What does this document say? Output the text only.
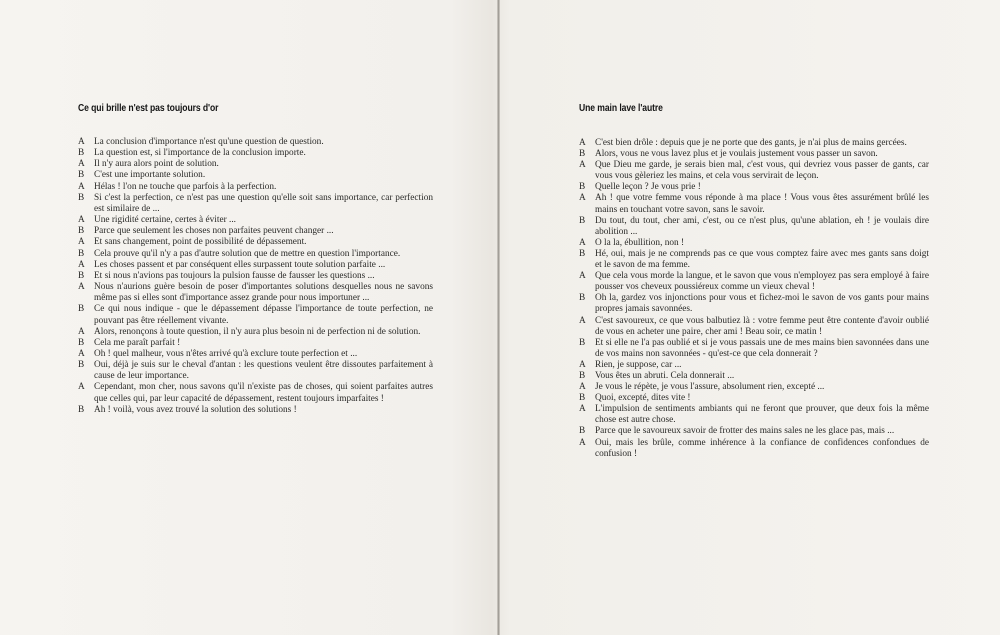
Ce qui brille n'est pas toujours d'or
A La conclusion d'importance n'est qu'une question de question.
B La question est, si l'importance de la conclusion importe.
A Il n'y aura alors point de solution.
B C'est une importante solution.
A Hélas ! l'on ne touche que parfois à la perfection.
B Si c'est la perfection, ce n'est pas une question qu'elle soit sans importance, car perfection est similaire de ...
A Une rigidité certaine, certes à éviter ...
B Parce que seulement les choses non parfaites peuvent changer ...
A Et sans changement, point de possibilité de dépassement.
B Cela prouve qu'il n'y a pas d'autre solution que de mettre en question l'importance.
A Les choses passent et par conséquent elles surpassent toute solution parfaite ...
B Et si nous n'avions pas toujours la pulsion fausse de fausser les questions ...
A Nous n'aurions guère besoin de poser d'importantes solutions desquelles nous ne savons même pas si elles sont d'importance assez grande pour nous importuner ...
B Ce qui nous indique - que le dépassement dépasse l'importance de toute perfection, ne pouvant pas être réellement vivante.
A Alors, renonçons à toute question, il n'y aura plus besoin ni de perfection ni de solution.
B Cela me paraît parfait !
A Oh ! quel malheur, vous n'êtes arrivé qu'à exclure toute perfection et ...
B Oui, déjà je suis sur le cheval d'antan : les questions veulent être dissoutes parfaitement à cause de leur importance.
A Cependant, mon cher, nous savons qu'il n'existe pas de choses, qui soient parfaites autres que celles qui, par leur capacité de dépassement, restent toujours imparfaites !
B Ah ! voilà, vous avez trouvé la solution des solutions !
Une main lave l'autre
A C'est bien drôle : depuis que je ne porte que des gants, je n'ai plus de mains gercées.
B Alors, vous ne vous lavez plus et je voulais justement vous passer un savon.
A Que Dieu me garde, je serais bien mal, c'est vous, qui devriez vous passer de gants, car vous vous gèleriez les mains, et cela vous servirait de leçon.
B Quelle leçon ? Je vous prie !
A Ah ! que votre femme vous réponde à ma place ! Vous vous êtes assurément brûlé les mains en touchant votre savon, sans le savoir.
B Du tout, du tout, cher ami, c'est, ou ce n'est plus, qu'une ablation, eh ! je voulais dire abolition ...
A O la la, ébullition, non !
B Hé, oui, mais je ne comprends pas ce que vous comptez faire avec mes gants sans doigt et le savon de ma femme.
A Que cela vous morde la langue, et le savon que vous n'employez pas sera employé à faire pousser vos cheveux poussiéreux comme un vieux cheval !
B Oh la, gardez vos injonctions pour vous et fichez-moi le savon de vos gants pour mains propres jamais savonnées.
A C'est savoureux, ce que vous balbutiez là : votre femme peut être contente d'avoir oublié de vous en acheter une paire, cher ami ! Beau soir, ce matin !
B Et si elle ne l'a pas oublié et si je vous passais une de mes mains bien savonnées dans une de vos mains non savonnées - qu'est-ce que cela donnerait ?
A Rien, je suppose, car ...
B Vous êtes un abruti. Cela donnerait ...
A Je vous le répète, je vous l'assure, absolument rien, excepté ...
B Quoi, excepté, dites vite !
A L'impulsion de sentiments ambiants qui ne feront que prouver, que deux fois la même chose est autre chose.
B Parce que le savoureux savoir de frotter des mains sales ne les glace pas, mais ...
A Oui, mais les brûle, comme inhérence à la confiance de confidences confondues de confusion !
